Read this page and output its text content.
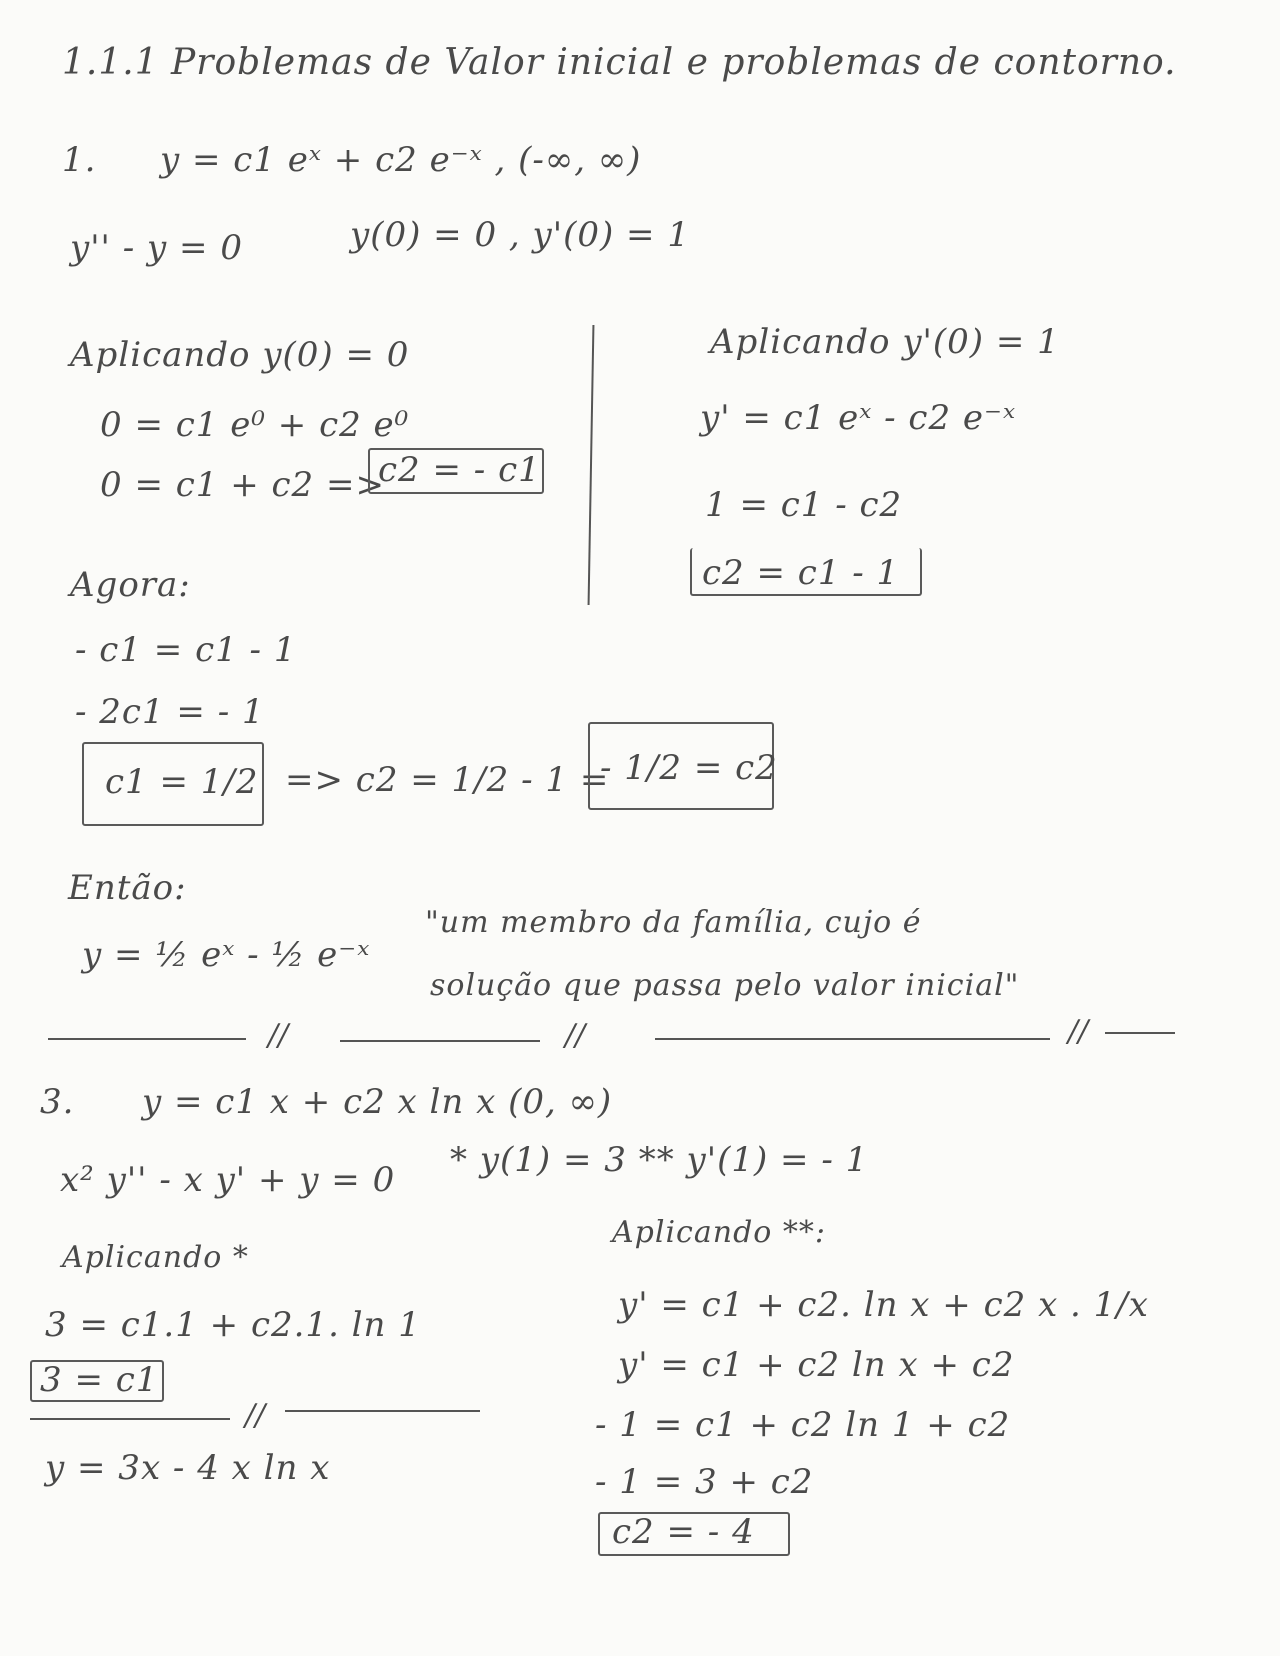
1.1.1 Problemas de Valor inicial e problemas de contorno.
1. y = c1 eˣ + c2 e⁻ˣ , (-∞, ∞)
y'' - y = 0	y(0) = 0 , y'(0) = 1
Aplicando y(0) = 0
0 = c1 e⁰ + c2 e⁰
0 = c1 + c2 =>
c2 = - c1
Aplicando y'(0) = 1
y' = c1 eˣ - c2 e⁻ˣ
1 = c1 - c2
c2 = c1 - 1
Agora:
- c1 = c1 - 1
- 2c1 = - 1
c1 = 1/2 => c2 = 1/2 - 1 =
- 1/2 = c2
Então:
y = ½ eˣ - ½ e⁻ˣ
"um membro da família, cujo é
solução que passa pelo valor inicial"
//	//	//
3. y = c1 x + c2 x ln x (0, ∞)
x² y'' - x y' + y = 0 * y(1) = 3 ** y'(1) = - 1
Aplicando *
3 = c1.1 + c2.1. ln 1
3 = c1
//
y = 3x - 4 x ln x
Aplicando **:
y' = c1 + c2. ln x + c2 x . 1/x
y' = c1 + c2 ln x + c2
- 1 = c1 + c2 ln 1 + c2
- 1 = 3 + c2
c2 = - 4
